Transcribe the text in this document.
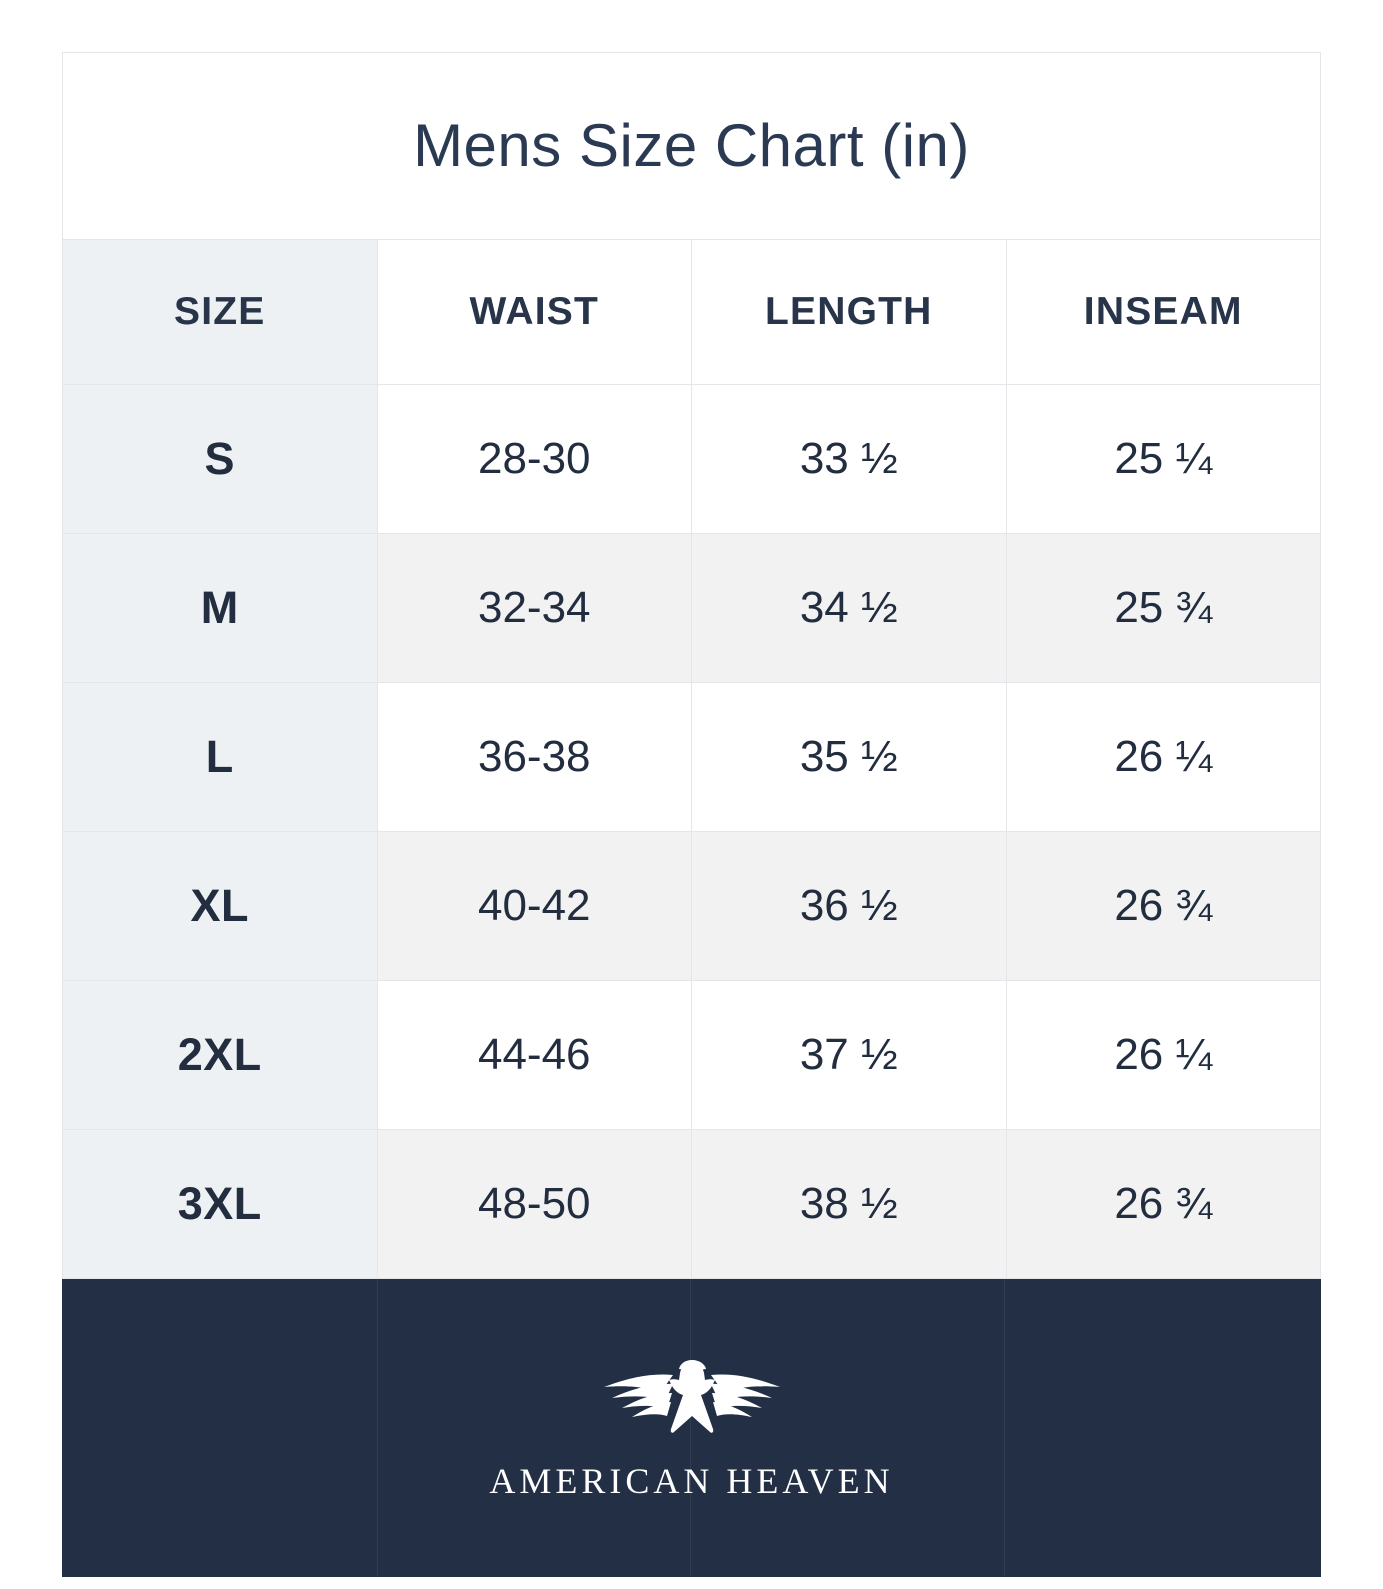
Mens Size Chart (in)			
SIZE	WAIST	LENGTH	INSEAM
S	28-30	33 ½	25 ¼
M	32-34	34 ½	25 ¾
L	36-38	35 ½	26 ¼
XL	40-42	36 ½	26 ¾
2XL	44-46	37 ½	26 ¼
3XL	48-50	38 ½	26 ¾
AMERICAN HEAVEN
